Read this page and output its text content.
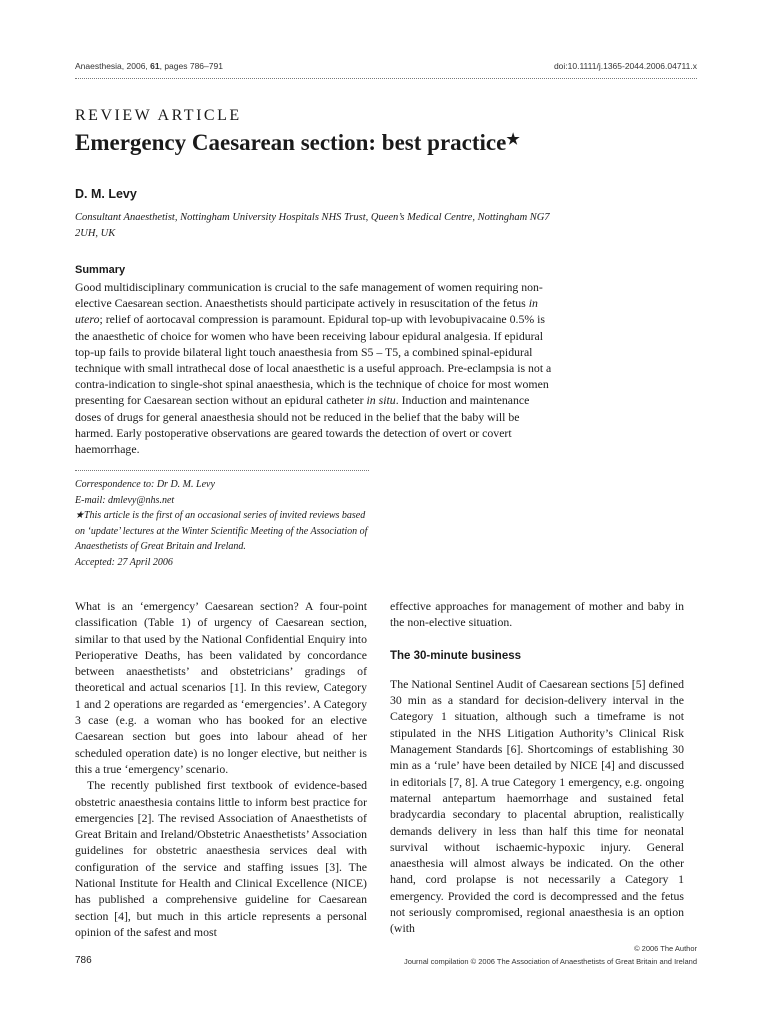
Anaesthesia, 2006, 61, pages 786–791	doi:10.1111/j.1365-2044.2006.04711.x
REVIEW ARTICLE
Emergency Caesarean section: best practice★
D. M. Levy
Consultant Anaesthetist, Nottingham University Hospitals NHS Trust, Queen’s Medical Centre, Nottingham NG7 2UH, UK
Summary
Good multidisciplinary communication is crucial to the safe management of women requiring non-elective Caesarean section. Anaesthetists should participate actively in resuscitation of the fetus in utero; relief of aortocaval compression is paramount. Epidural top-up with levobupivacaine 0.5% is the anaesthetic of choice for women who have been receiving labour epidural analgesia. If epidural top-up fails to provide bilateral light touch anaesthesia from S5 – T5, a combined spinal-epidural technique with small intrathecal dose of local anaesthetic is a useful approach. Pre-eclampsia is not a contra-indication to single-shot spinal anaesthesia, which is the technique of choice for most women presenting for Caesarean section without an epidural catheter in situ. Induction and maintenance doses of drugs for general anaesthesia should not be reduced in the belief that the baby will be harmed. Early postoperative observations are geared towards the detection of overt or covert haemorrhage.
Correspondence to: Dr D. M. Levy
E-mail: dmlevy@nhs.net
★This article is the first of an occasional series of invited reviews based on ‘update’ lectures at the Winter Scientific Meeting of the Association of Anaesthetists of Great Britain and Ireland.
Accepted: 27 April 2006

What is an ‘emergency’ Caesarean section? A four-point classification (Table 1) of urgency of Caesarean section, similar to that used by the National Confidential Enquiry into Perioperative Deaths, has been validated by concordance between anaesthetists’ and obstetricians’ gradings of theoretical and actual scenarios [1]. In this review, Category 1 and 2 operations are regarded as ‘emergencies’. A Category 3 case (e.g. a woman who has booked for an elective Caesarean section but goes into labour ahead of her scheduled operation date) is no longer elective, but neither is this a true ‘emergency’ scenario.

The recently published first textbook of evidence-based obstetric anaesthesia contains little to inform best practice for emergencies [2]. The revised Association of Anaesthetists of Great Britain and Ireland/Obstetric Anaesthetists’ Association guidelines for obstetric anaesthesia services deal with configuration of the service and staffing issues [3]. The National Institute for Health and Clinical Excellence (NICE) has published a comprehensive guideline for Caesarean section [4], but much in this article represents a personal opinion of the safest and most

effective approaches for management of mother and baby in the non-elective situation.

The 30-minute business

The National Sentinel Audit of Caesarean sections [5] defined 30 min as a standard for decision-delivery interval in the Category 1 situation, although such a timeframe is not stipulated in the NHS Litigation Authority’s Clinical Risk Management Standards [6]. Shortcomings of establishing 30 min as a ‘rule’ have been detailed by NICE [4] and discussed in editorials [7, 8]. A true Category 1 emergency, e.g. ongoing maternal antepartum haemorrhage and sustained fetal bradycardia secondary to placental abruption, realistically demands delivery in less than half this time for neonatal survival without ischaemic-hypoxic injury. General anaesthesia will almost always be indicated. On the other hand, cord prolapse is not necessarily a Category 1 emergency. Provided the cord is decompressed and the fetus not seriously compromised, regional anaesthesia is an option (with

786
© 2006 The Author
Journal compilation © 2006 The Association of Anaesthetists of Great Britain and Ireland
